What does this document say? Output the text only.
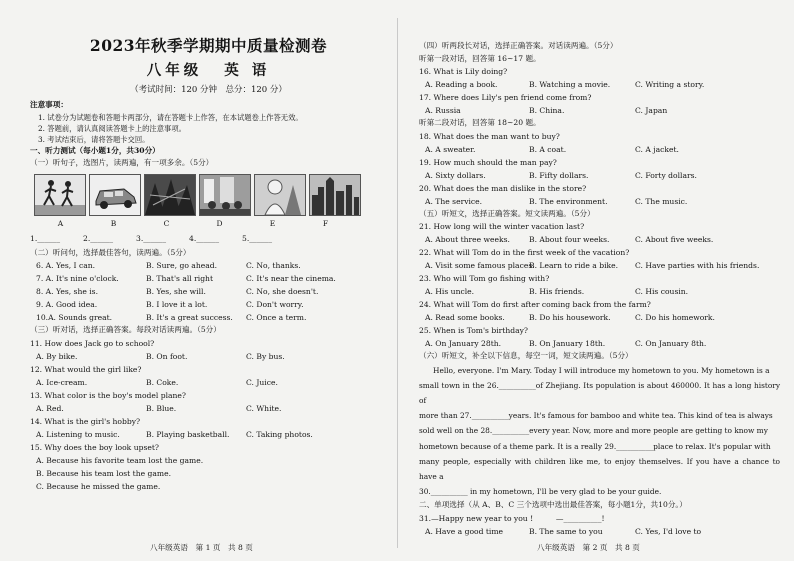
2023年秋季学期期中质量检测卷
八年级 英 语
（考试时间：120 分钟　总分：120 分）
注意事项：
1. 试卷分为试题卷和答题卡两部分，请在答题卡上作答，在本试题卷上作答无效。
2. 答题前，请认真阅读答题卡上的注意事项。
3. 考试结束后，请将答题卡交回。
一、听力测试（每小题1分，共30分）
（一）听句子，选图片，读两遍，有一项多余。（5分）
A	B	C	D	E	F
1.______	2.______	3.______	4.______	5.______
（二）听问句，选择最佳答句，读两遍。（5分）
6. A. Yes, I can.	B. Sure, go ahead.	C. No, thanks.
7. A. It's nine o'clock.	B. That's all right	C. It's near the cinema.
8. A. Yes, she is.	B. Yes, she will.	C. No, she doesn't.
9. A. Good idea.	B. I love it a lot.	C. Don't worry.
10.A. Sounds great.	B. It's a great success.	C. Once a term.
（三）听对话，选择正确答案。每段对话读两遍。（5分）
11. How does Jack go to school?
A. By bike.	B. On foot.	C. By bus.
12. What would the girl like?
A. Ice-cream.	B. Coke.	C. Juice.
13. What color is the boy's model plane?
A. Red.	B. Blue.	C. White.
14. What is the girl's hobby?
A. Listening to music.	B. Playing basketball.	C. Taking photos.
15. Why does the boy look upset?
A. Because his favorite team lost the game.
B. Because his team lost the game.
C. Because he missed the game.
八年级英语　第 1 页　共 8 页
（四）听两段长对话，选择正确答案。对话读两遍。（5分）
听第一段对话，回答第 16~17 题。
16. What is Lily doing?
A. Reading a book.	B. Watching a movie.	C. Writing a story.
17. Where does Lily's pen friend come from?
A. Russia	B. China.	C. Japan
听第二段对话，回答第 18~20 题。
18. What does the man want to buy?
A. A sweater.	B. A coat.	C. A jacket.
19. How much should the man pay?
A. Sixty dollars.	B. Fifty dollars.	C. Forty dollars.
20. What does the man dislike in the store?
A. The service.	B. The environment.	C. The music.
（五）听短文，选择正确答案。短文读两遍。（5分）
21. How long will the winter vacation last?
A. About three weeks.	B. About four weeks.	C. About five weeks.
22. What will Tom do in the first week of the vacation?
A. Visit some famous places.
B. Learn to ride a bike.	C. Have parties with his friends.
23. Who will Tom go fishing with?
A. His uncle.	B. His friends.	C. His cousin.
24. What will Tom do first after coming back from the farm?
A. Read some books.	B. Do his housework.	C. Do his homework.
25. When is Tom's birthday?
A. On January 28th.	B. On January 18th.	C. On January 8th.
（六）听短文，补全以下信息，每空一词，短文读两遍。（5分）
Hello, everyone. I'm Mary. Today I will introduce my hometown to you. My hometown is a
small town in the 26.__________of Zhejiang. Its population is about 460000. It has a long history of
more than 27.__________years. It's famous for bamboo and white tea. This kind of tea is always
sold well on the 28.__________every year. Now, more and more people are getting to know my
hometown because of a theme park. It is a really 29.__________place to relax. It's popular with
many people, especially with children like me, to enjoy themselves. If you have a chance to have a
30.__________ in my hometown, I'll be very glad to be your guide.
二、单项选择（从 A、B、C 三个选项中选出最佳答案，每小题1分，共10分。）
31.—Happy new year to you !　　　—__________!
A. Have a good time	B. The same to you	C. Yes, I'd love to
八年级英语　第 2 页　共 8 页
